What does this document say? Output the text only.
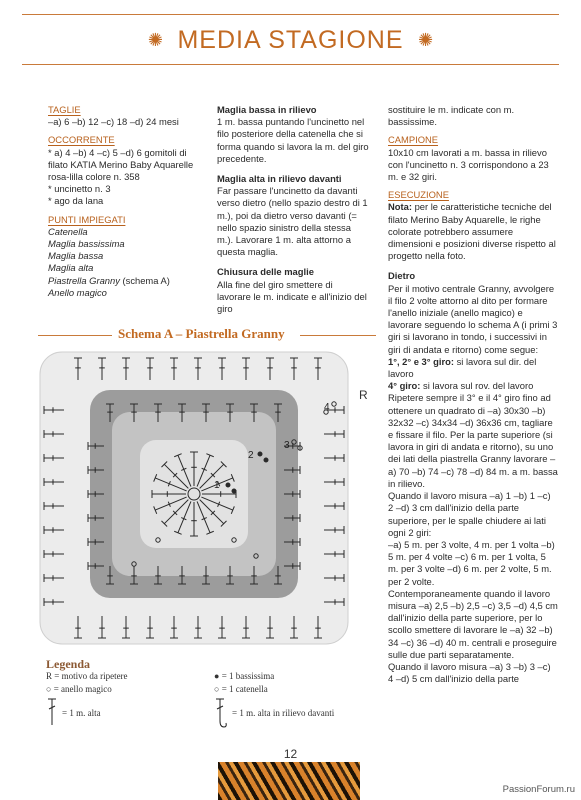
✺ MEDIA STAGIONE ✺

TAGLIE

–a) 6 –b) 12 –c) 18 –d) 24 mesi

OCCORRENTE

* a) 4 –b) 4 –c) 5 –d) 6 gomitoli di filato KATIA Merino Baby Aquarelle rosa-lilla colore n. 358

* uncinetto n. 3

* ago da lana

PUNTI IMPIEGATI

Catenella

Maglia bassissima

Maglia bassa

Maglia alta

Piastrella Granny (schema A)

Anello magico

Maglia bassa in rilievo

1 m. bassa puntando l'uncinetto nel filo posteriore della catenella che si forma quando si lavora la m. del giro precedente.

Maglia alta in rilievo davanti

Far passare l'uncinetto da davanti verso dietro (nello spazio destro di 1 m.), poi da dietro verso davanti (= nello spazio sinistro della stessa m.). Lavorare 1 m. alta attorno a questa maglia.

Chiusura delle maglie

Alla fine del giro smettere di lavorare le m. indicate e all'inizio del giro

sostituire le m. indicate con m. bassissime.

CAMPIONE

10x10 cm lavorati a m. bassa in rilievo con l'uncinetto n. 3 corrispondono a 23 m. e 32 giri.

ESECUZIONE

Nota: per le caratteristiche tecniche del filato Merino Baby Aquarelle, le righe colorate potrebbero assumere dimensioni e posizioni diverse rispetto al progetto nella foto.

Dietro

Per il motivo centrale Granny, avvolgere il filo 2 volte attorno al dito per formare l'anello iniziale (anello magico) e lavorare seguendo lo schema A (i primi 3 giri si lavorano in tondo, i successivi in giri di andata e ritorno) come segue:

1°, 2° e 3° giro: si lavora sul dir. del lavoro

4° giro: si lavora sul rov. del lavoro

Ripetere sempre il 3° e il 4° giro fino ad ottenere un quadrato di –a) 30x30 –b) 32x32 –c) 34x34 –d) 36x36 cm, tagliare e fissare il filo. Per la parte superiore (si lavora in giri di andata e ritorno), su uno dei lati della piastrella Granny lavorare –a) 70 –b) 74 –c) 78 –d) 84 m. a m. bassa in rilievo.

Quando il lavoro misura –a) 1 –b) 1 –c) 2 –d) 3 cm dall'inizio della parte superiore, per le spalle chiudere ai lati ogni 2 giri:

–a) 5 m. per 3 volte, 4 m. per 1 volta –b) 5 m. per 4 volte –c) 6 m. per 1 volta, 5 m. per 3 volte –d) 6 m. per 2 volte, 5 m. per 2 volte.

Contemporaneamente quando il lavoro misura –a) 2,5 –b) 2,5 –c) 3,5 –d) 4,5 cm dall'inizio della parte superiore, per lo scollo smettere di lavorare le –a) 32 –b) 34 –c) 36 –d) 40 m. centrali e proseguire sulle due parti separatamente.

Quando il lavoro misura –a) 3 –b) 3 –c) 4 –d) 5 cm dall'inizio della parte

Schema A – Piastrella Granny
1
2
3
4
R
Legenda
R = motivo da ripetere
○ = anello magico
= 1 m. alta
● = 1 bassissima
○ = 1 catenella
= 1 m. alta in rilievo davanti
12
PassionForum.ru
